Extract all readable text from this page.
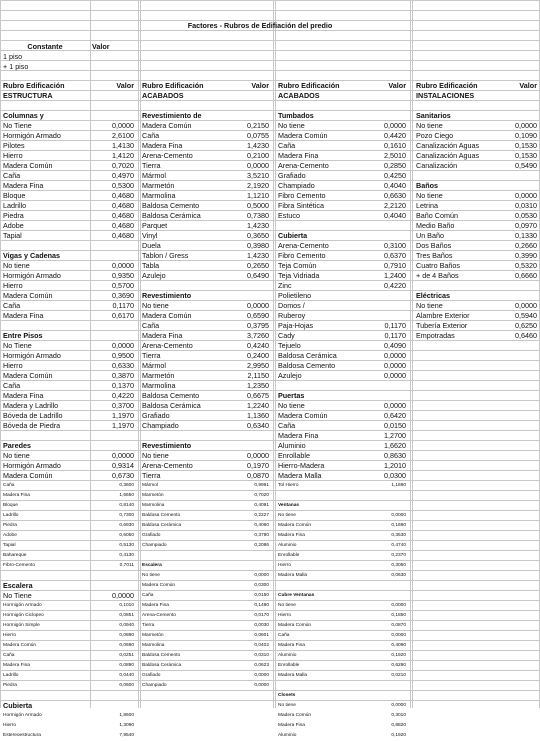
Factores - Rubros de Edifiación del predio
Constante	Valor
1 piso
+ 1 piso
Rubro Edificación	Valor
ESTRUCTURA
Columnas y
No Tiene	0,0000
Hormigón Armado	2,6100
Pilotes	1,4130
Hierro	1,4120
Madera Común	0,7020
Caña	0,4970
Madera Fina	0,5300
Bloque	0,4680
Ladrillo	0,4680
Piedra	0,4680
Adobe	0,4680
Tapial	0,4680
Vigas y Cadenas
No tiene	0,0000
Hormigón Armado	0,9350
Hierro	0,5700
Madera Común	0,3690
Caña	0,1170
Madera Fina	0,6170
Entre Pisos
No Tiene	0,0000
Hormigón Armado	0,9500
Hierro	0,6330
Madera Común	0,3870
Caña	0,1370
Madera Fina	0,4220
Madera y Ladrillo	0,3700
Bóveda de Ladrillo	1,1970
Bóveda de Piedra	1,1970
Paredes
No tiene	0,0000
Hormigón Armado	0,9314
Madera Común	0,6730
Caña	0,3600
Madera Fina	1,6650
Bloque	0,8140
Ladrillo	0,7300
Piedra	0,6930
Adobe	0,6050
Tapial	0,5130
Bahareque	0,4130
Fibro-Cemento	0,7011
Escalera
No Tiene	0,0000
Hormigón Armado	0,1010
Hormigón Ciclopeo	0,0851
Hormigón Simple	0,0940
Hierro	0,0880
Madera Común	0,0690
Caña	0,0251
Madera Fina	0,0890
Ladrillo	0,0440
Piedra	0,0600
Cubierta
Hormigón Armado	1,8600
Hierro	1,3090
Estereoestructura	7,9540
Rubro Edificación	Valor
ACABADOS
Revestimiento de
Madera Común	0,2150
Caña	0,0755
Madera Fina	1,4230
Arena-Cemento	0,2100
Tierra	0,0000
Mármol	3,5210
Marmetón	2,1920
Marmolina	1,1210
Baldosa Cemento	0,5000
Baldosa Cerámica	0,7380
Parquet	1,4230
Vinyl	0,3650
Duela	0,3980
Tablon / Gress	1,4230
Tabla	0,2650
Azulejo	0,6490
Revestimiento
No tiene	0,0000
Madera Común	0,6590
Caña	0,3795
Madera Fina	3,7260
Arena-Cemento	0,4240
Tierra	0,2400
Mármol	2,9950
Marmetón	2,1150
Marmolina	1,2350
Baldosa Cemento	0,6675
Baldosa Cerámica	1,2240
Grafiado	1,1360
Champiado	0,6340
Revestimiento
No tiene	0,0000
Arena-Cemento	0,1970
Tierra	0,0870
Mármol	0,9991
Marmetón	0,7020
Marmolina	0,4091
Baldosa Cemento	0,2227
Baldosa Cerámica	0,4060
Grafiado	0,3790
Champiado	0,2086
Escalera
No tiene	0,0000
Madera Común	0,0300
Caña	0,0150
Madera Fina	0,1490
Arena-Cemento	0,0170
Tierra	0,0030
Marmetón	0,0601
Marmolina	0,0402
Baldosa Cemento	0,0310
Baldosa Cerámica	0,0623
Grafiado	0,0000
Champiado	0,0000
Rubro Edificación	Valor
ACABADOS
Tumbados
No tiene	0,0000
Madera Común	0,4420
Caña	0,1610
Madera Fina	2,5010
Arena-Cemento	0,2850
Grafiado	0,4250
Champiado	0,4040
Fibro Cemento	0,6630
Fibra Sintética	2,2120
Estuco	0,4040
Cubierta
Arena-Cemento	0,3100
Fibro Cemento	0,6370
Teja Común	0,7910
Teja Vidriada	1,2400
Zinc	0,4220
Polietileno
Domos /
Ruberoy
Paja-Hojas	0,1170
Cady	0,1170
Tejuelo	0,4090
Baldosa Cerámica	0,0000
Baldosa Cemento	0,0000
Azulejo	0,0000
Puertas
No tiene	0,0000
Madera Común	0,6420
Caña	0,0150
Madera Fina	1,2700
Aluminio	1,6620
Enrollable	0,8630
Hierro-Madera	1,2010
Madera Malla	0,0300
Tol Hierro	1,1690
Ventanas
No tiene	0,0000
Madera Común	0,1690
Madera Fina	0,3530
Aluminio	0,4740
Enrollable	0,2370
Hierro	0,3050
Madera Malla	0,0630
Cubre Ventanas
No tiene	0,0000
Hierro	0,1850
Madera Común	0,0870
Caña	0,0000
Madera Fina	0,4090
Aluminio	0,1920
Enrollable	0,6290
Madera Malla	0,0210
Closets
No tiene	0,0000
Madera Común	0,3010
Madera Fina	0,8820
Aluminio	0,1920
Rubro Edificación	Valor
INSTALACIONES
Sanitarios
No tiene	0,0000
Pozo Ciego	0,1090
Canalización Aguas	0,1530
Canalización Aguas	0,1530
Canalización	0,5490
Baños
No tiene	0,0000
Letrina	0,0310
Baño Común	0,0530
Medio Baño	0,0970
Un Baño	0,1330
Dos Baños	0,2660
Tres Baños	0,3990
Cuatro Baños	0,5320
+ de 4 Baños	0,6660
Eléctricas
No tiene	0,0000
Alambre Exterior	0,5940
Tubería Exterior	0,6250
Empotradas	0,6460
